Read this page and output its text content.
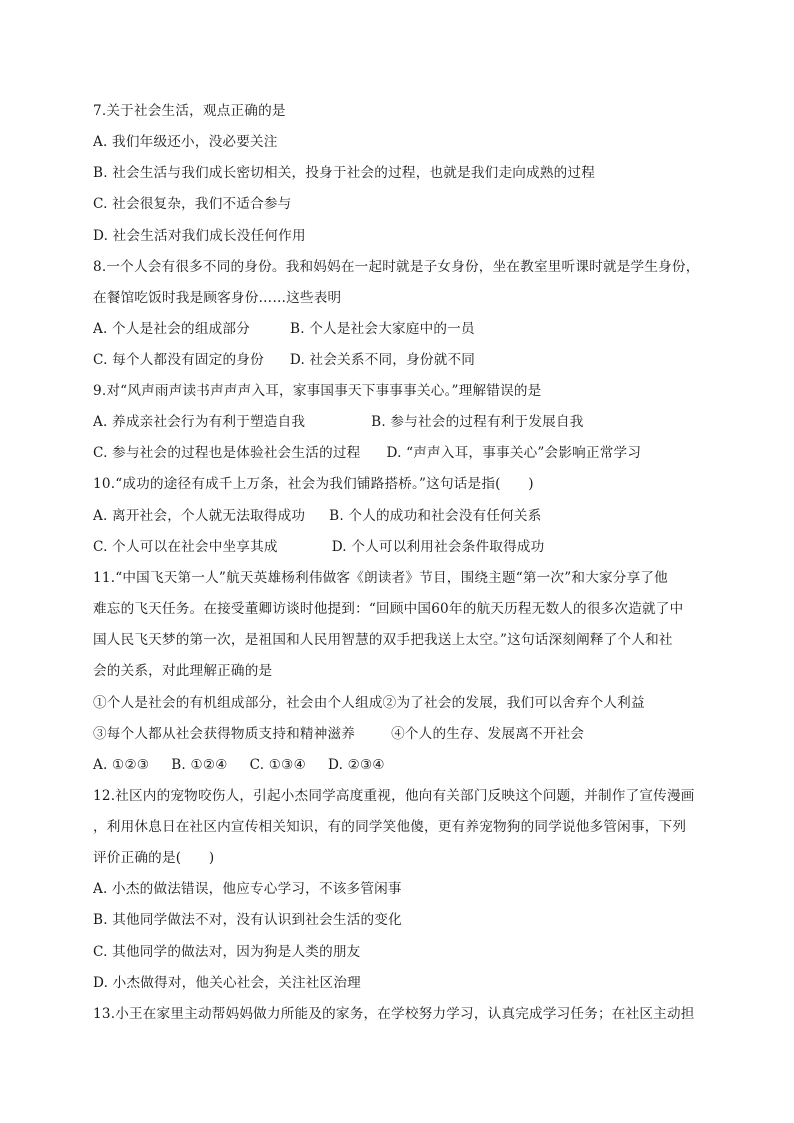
7.关于社会生活，观点正确的是
A. 我们年级还小，没必要关注
B. 社会生活与我们成长密切相关，投身于社会的过程，也就是我们走向成熟的过程
C. 社会很复杂，我们不适合参与
D. 社会生活对我们成长没任何作用
8.一个人会有很多不同的身份。我和妈妈在一起时就是子女身份，坐在教室里听课时就是学生身份，
在餐馆吃饭时我是顾客身份……这些表明
A. 个人是社会的组成部分	B. 个人是社会大家庭中的一员
C. 每个人都没有固定的身份 D. 社会关系不同，身份就不同
9.对“风声雨声读书声声声入耳，家事国事天下事事事关心。”理解错误的是
A. 养成亲社会行为有利于塑造自我	B. 参与社会的过程有利于发展自我
C. 参与社会的过程也是体验社会生活的过程 D. “声声入耳，事事关心”会影响正常学习
10.“成功的途径有成千上万条，社会为我们铺路搭桥。”这句话是指(　　)
A. 离开社会，个人就无法取得成功 B. 个人的成功和社会没有任何关系
C. 个人可以在社会中坐享其成	D. 个人可以利用社会条件取得成功
11.“中国飞天第一人”航天英雄杨利伟做客《朗读者》节目，围绕主题“第一次”和大家分享了他
难忘的飞天任务。在接受董卿访谈时他提到：“回顾中国60年的航天历程无数人的很多次造就了中
国人民飞天梦的第一次，是祖国和人民用智慧的双手把我送上太空。”这句话深刻阐释了个人和社
会的关系，对此理解正确的是
①个人是社会的有机组成部分，社会由个人组成②为了社会的发展，我们可以舍弃个人利益
③每个人都从社会获得物质支持和精神滋养	④个人的生存、发展离不开社会
A. ①②③ B. ①②④ C. ①③④ D. ②③④
12.社区内的宠物咬伤人，引起小杰同学高度重视，他向有关部门反映这个问题，并制作了宣传漫画
，利用休息日在社区内宣传相关知识，有的同学笑他傻，更有养宠物狗的同学说他多管闲事，下列
评价正确的是(　　)
A. 小杰的做法错误，他应专心学习，不该多管闲事
B. 其他同学做法不对，没有认识到社会生活的变化
C. 其他同学的做法对，因为狗是人类的朋友
D. 小杰做得对，他关心社会，关注社区治理
13.小王在家里主动帮妈妈做力所能及的家务，在学校努力学习，认真完成学习任务；在社区主动担
